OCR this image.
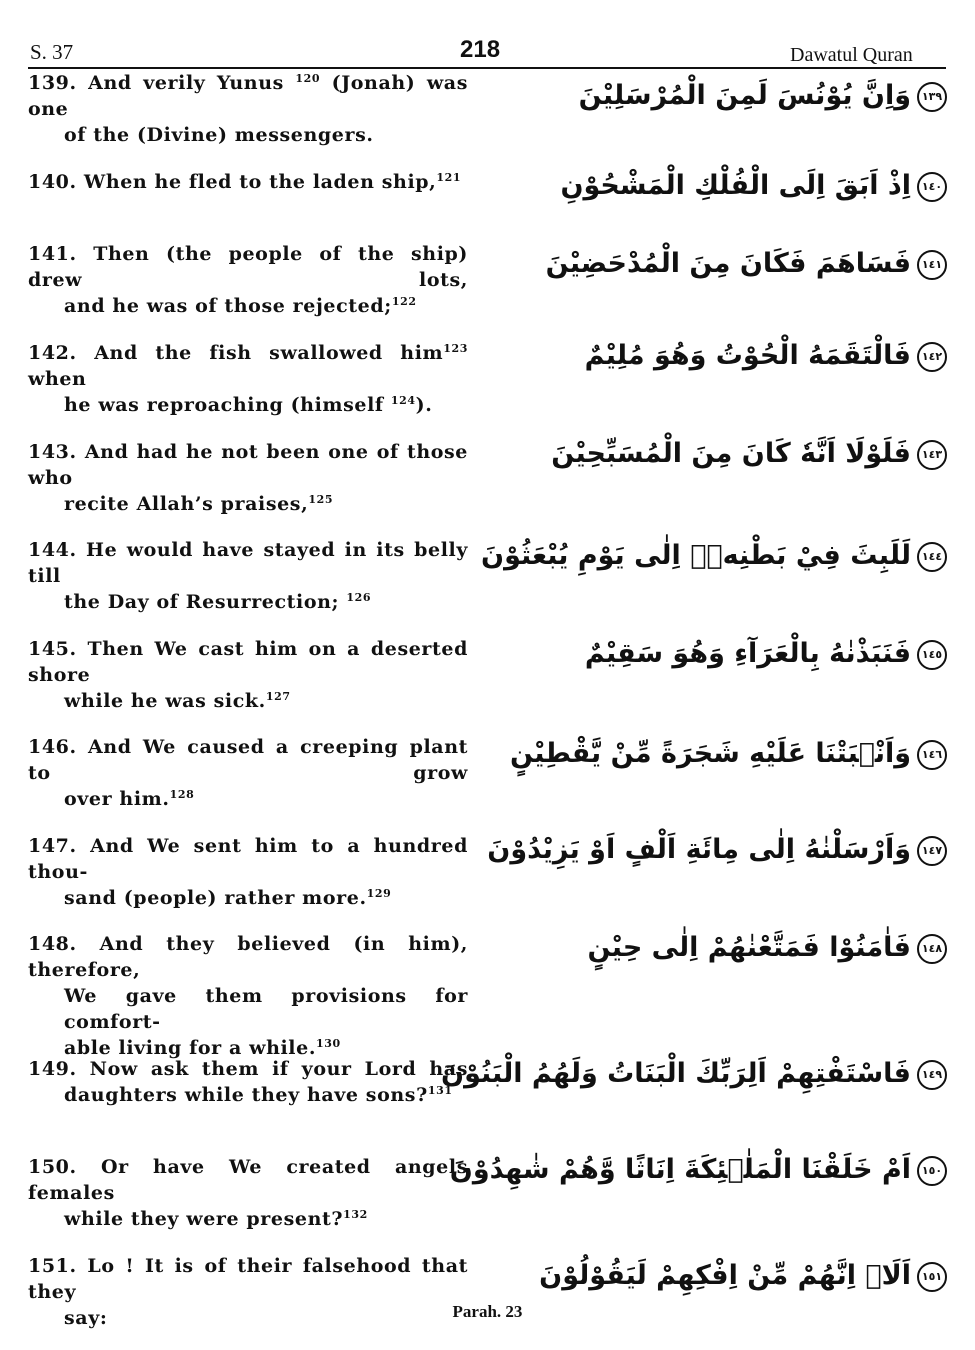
S. 37	218	Dawatul Quran
139. And verily Yunus $^{120}$ (Jonah) was one
of the (Divine) messengers.
١٣٩وَاِنَّ يُوْنُسَ لَمِنَ الْمُرْسَلِيْنَ
140. When he fled to the laden ship,$^{121}$
١٤٠اِذْ اَبَقَ اِلَى الْفُلْكِ الْمَشْحُوْنِ
141. Then (the people of the ship) drew lots,
and he was of those rejected;$^{122}$
١٤١فَسَاهَمَ فَكَانَ مِنَ الْمُدْحَضِيْنَ
142. And the fish swallowed him$^{123}$ when
he was reproaching (himself $^{124}$).
١٤٢فَالْتَقَمَهُ الْحُوْتُ وَهُوَ مُلِيْمٌ
143. And had he not been one of those who
recite Allah’s praises,$^{125}$
١٤٣فَلَوْلَا اَنَّهٗ كَانَ مِنَ الْمُسَبِّحِيْنَ
144. He would have stayed in its belly till
the Day of Resurrection; $^{126}$
١٤٤لَلَبِثَ فِيْ بَطْنِهٖۤ اِلٰى يَوْمِ يُبْعَثُوْنَ
145. Then We cast him on a deserted shore
while he was sick.$^{127}$
١٤٥فَنَبَذْنٰهُ بِالْعَرَآءِ وَهُوَ سَقِيْمٌ
146. And We caused a creeping plant to grow
over him.$^{128}$
١٤٦وَاَنْۢبَتْنَا عَلَيْهِ شَجَرَةً مِّنْ يَّقْطِيْنٍ
147. And We sent him to a hundred thou-
sand (people) rather more.$^{129}$
١٤٧وَاَرْسَلْنٰهُ اِلٰى مِائَةِ اَلْفٍ اَوْ يَزِيْدُوْنَ
148. And they believed (in him), therefore,
We gave them provisions for comfort-
able living for a while.$^{130}$
١٤٨فَاٰمَنُوْا فَمَتَّعْنٰهُمْ اِلٰى حِيْنٍ
149. Now ask them if your Lord has
daughters while they have sons?$^{131}$
١٤٩فَاسْتَفْتِهِمْ اَلِرَبِّكَ الْبَنَاتُ وَلَهُمُ الْبَنُوْنَ
150. Or have We created angels females
while they were present?$^{132}$
١٥٠اَمْ خَلَقْنَا الْمَلٰۤئِكَةَ اِنَاثًا وَّهُمْ شٰهِدُوْنَ
151. Lo ! It is of their falsehood that they
say:
١٥١اَلَاۤ اِنَّهُمْ مِّنْ اِفْكِهِمْ لَيَقُوْلُوْنَ
Parah. 23
